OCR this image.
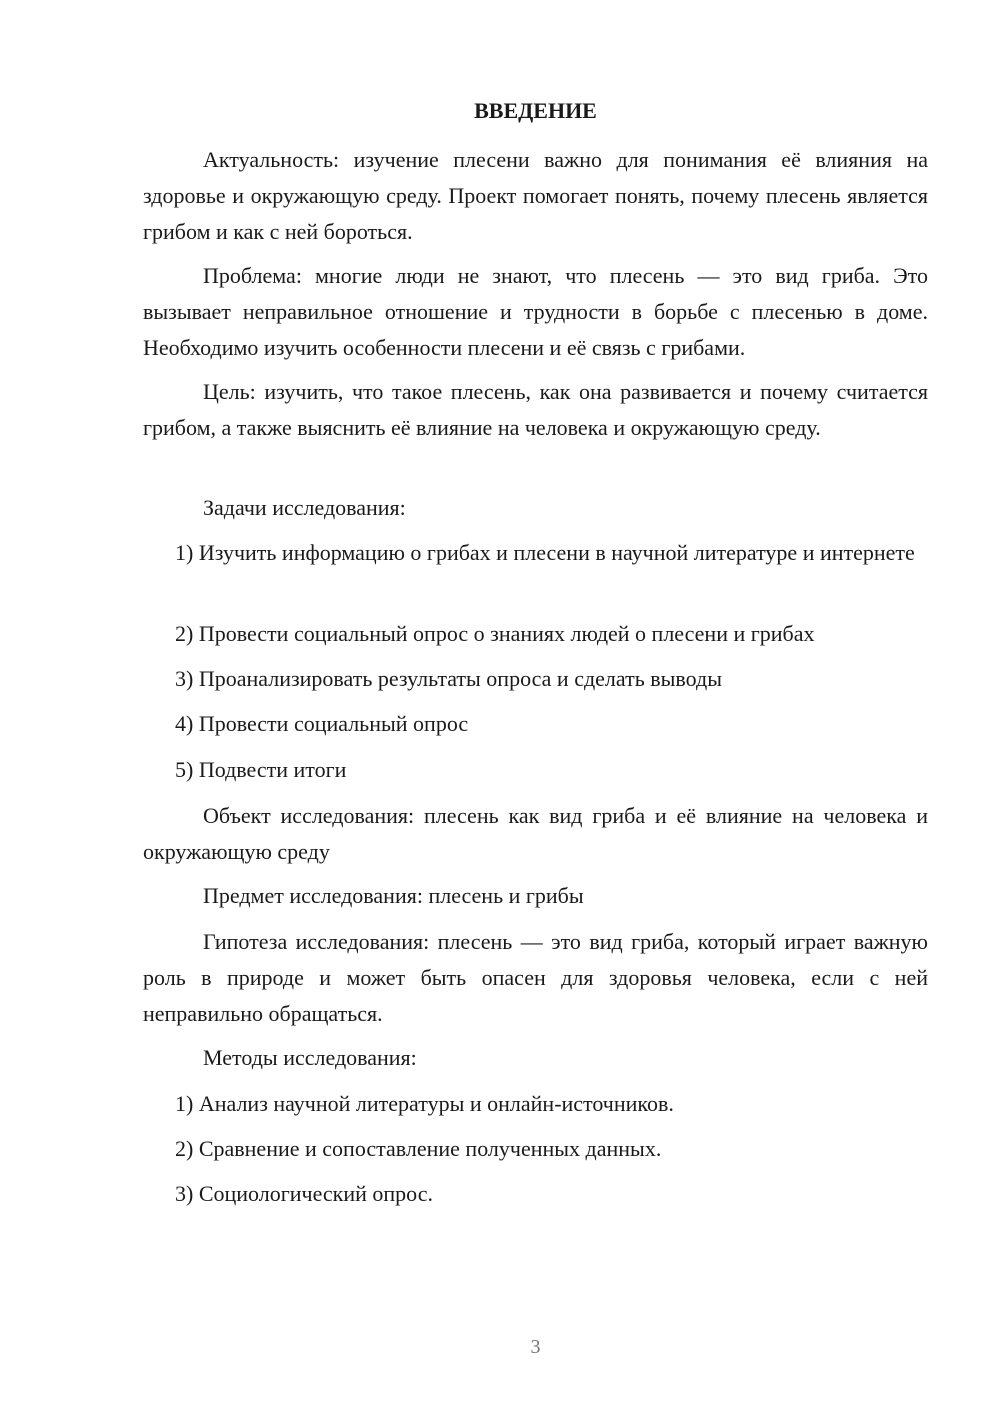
ВВЕДЕНИЕ

Актуальность: изучение плесени важно для понимания её влияния на здоровье и окружающую среду. Проект помогает понять, почему плесень является грибом и как с ней бороться.

Проблема: многие люди не знают, что плесень — это вид гриба. Это вызывает неправильное отношение и трудности в борьбе с плесенью в доме. Необходимо изучить особенности плесени и её связь с грибами.

Цель: изучить, что такое плесень, как она развивается и почему считается грибом, а также выяснить её влияние на человека и окружающую среду.

Задачи исследования:

1) Изучить информацию о грибах и плесени в научной литературе и интернете

2) Провести социальный опрос о знаниях людей о плесени и грибах

3) Проанализировать результаты опроса и сделать выводы

4) Провести социальный опрос

5) Подвести итоги

Объект исследования: плесень как вид гриба и её влияние на человека и окружающую среду

Предмет исследования: плесень и грибы

Гипотеза исследования: плесень — это вид гриба, который играет важную роль в природе и может быть опасен для здоровья человека, если с ней неправильно обращаться.

Методы исследования:

1) Анализ научной литературы и онлайн-источников.

2) Сравнение и сопоставление полученных данных.

3) Социологический опрос.

3
